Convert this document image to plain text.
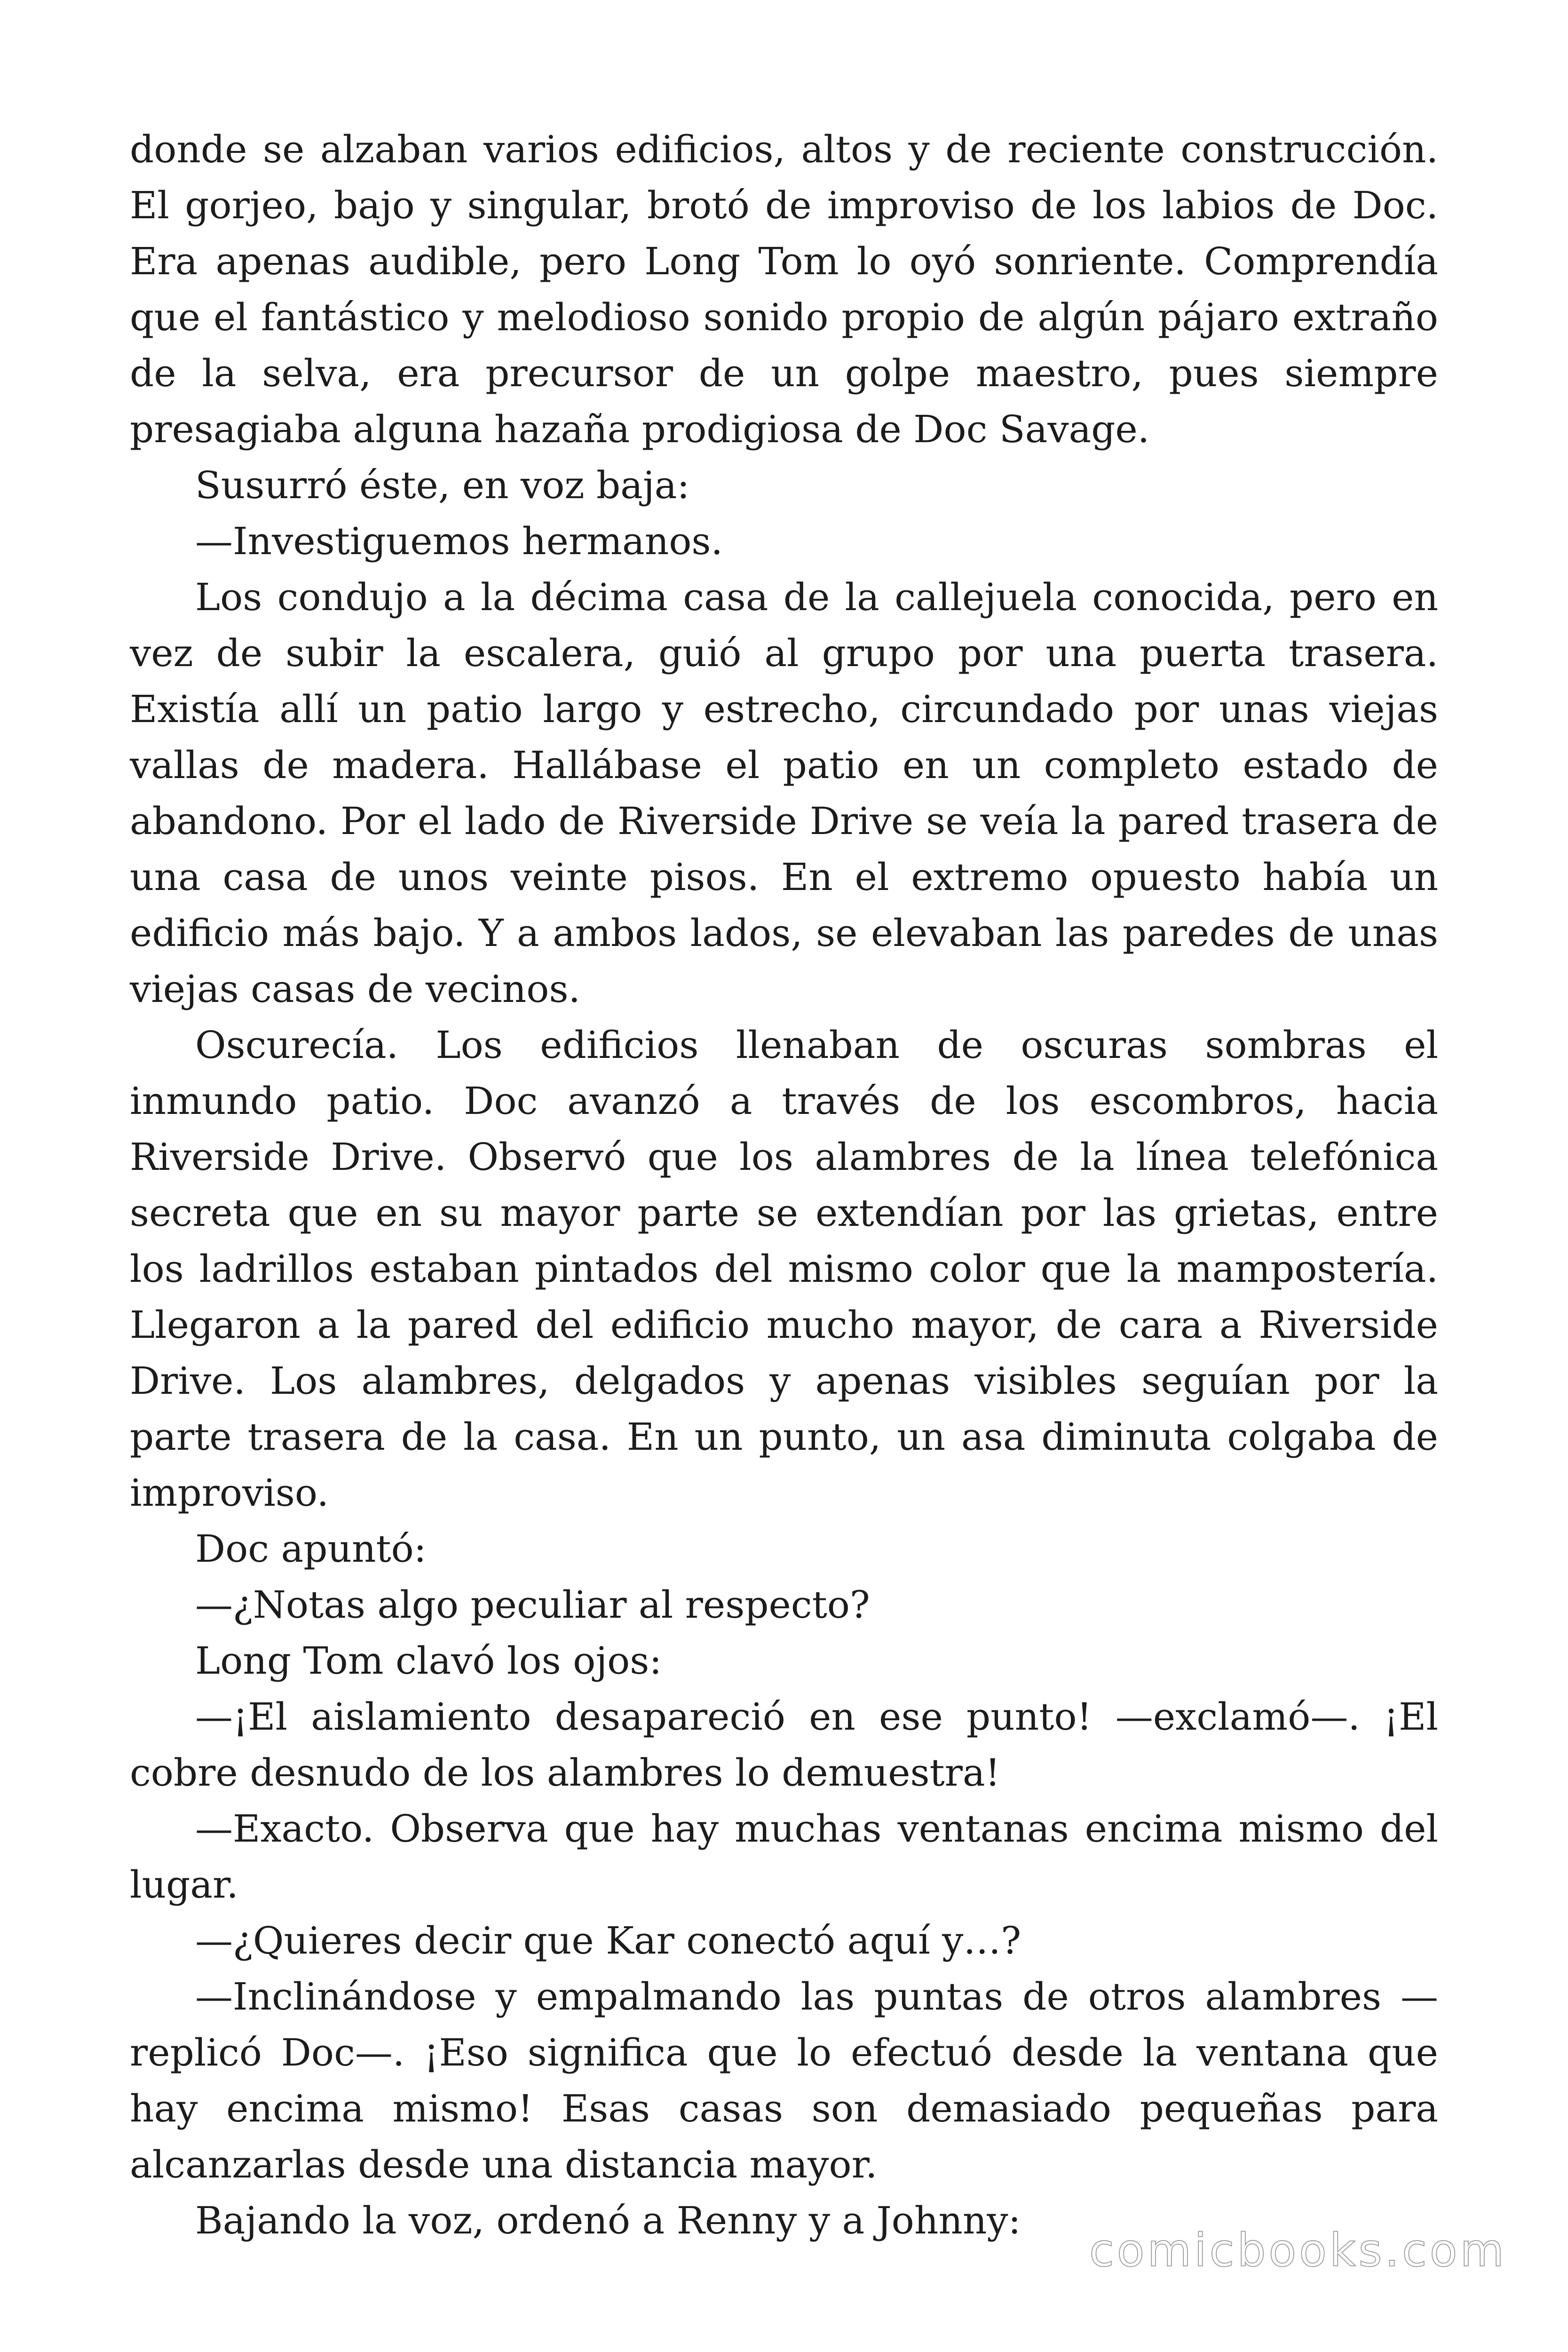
donde se alzaban varios edificios, altos y de reciente construcción. El gorjeo, bajo y singular, brotó de improviso de los labios de Doc. Era apenas audible, pero Long Tom lo oyó sonriente. Comprendía que el fantástico y melodioso sonido propio de algún pájaro extraño de la selva, era precursor de un golpe maestro, pues siempre presagiaba alguna hazaña prodigiosa de Doc Savage.

Susurró éste, en voz baja:

—Investiguemos hermanos.

Los condujo a la décima casa de la callejuela conocida, pero en vez de subir la escalera, guió al grupo por una puerta trasera. Existía allí un patio largo y estrecho, circundado por unas viejas vallas de madera. Hallábase el patio en un completo estado de abandono. Por el lado de Riverside Drive se veía la pared trasera de una casa de unos veinte pisos. En el extremo opuesto había un edificio más bajo. Y a ambos lados, se elevaban las paredes de unas viejas casas de vecinos.

Oscurecía. Los edificios llenaban de oscuras sombras el inmundo patio. Doc avanzó a través de los escombros, hacia Riverside Drive. Observó que los alambres de la línea telefónica secreta que en su mayor parte se extendían por las grietas, entre los ladrillos estaban pintados del mismo color que la mampostería. Llegaron a la pared del edificio mucho mayor, de cara a Riverside Drive. Los alambres, delgados y apenas visibles seguían por la parte trasera de la casa. En un punto, un asa diminuta colgaba de improviso.

Doc apuntó:

—¿Notas algo peculiar al respecto?

Long Tom clavó los ojos:

—¡El aislamiento desapareció en ese punto! —exclamó—. ¡El cobre desnudo de los alambres lo demuestra!

—Exacto. Observa que hay muchas ventanas encima mismo del lugar.

—¿Quieres decir que Kar conectó aquí y…?

—Inclinándose y empalmando las puntas de otros alambres — replicó Doc—. ¡Eso significa que lo efectuó desde la ventana que hay encima mismo! Esas casas son demasiado pequeñas para alcanzarlas desde una distancia mayor.

Bajando la voz, ordenó a Renny y a Johnny:

comicbooks.com
